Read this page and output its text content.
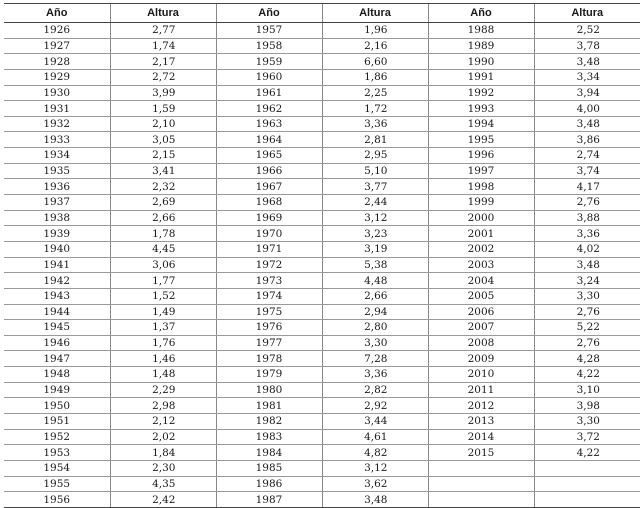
Año	Altura	Año	Altura	Año	Altura
1926	2,77	1957	1,96	1988	2,52
1927	1,74	1958	2,16	1989	3,78
1928	2,17	1959	6,60	1990	3,48
1929	2,72	1960	1,86	1991	3,34
1930	3,99	1961	2,25	1992	3,94
1931	1,59	1962	1,72	1993	4,00
1932	2,10	1963	3,36	1994	3,48
1933	3,05	1964	2,81	1995	3,86
1934	2,15	1965	2,95	1996	2,74
1935	3,41	1966	5,10	1997	3,74
1936	2,32	1967	3,77	1998	4,17
1937	2,69	1968	2,44	1999	2,76
1938	2,66	1969	3,12	2000	3,88
1939	1,78	1970	3,23	2001	3,36
1940	4,45	1971	3,19	2002	4,02
1941	3,06	1972	5,38	2003	3,48
1942	1,77	1973	4,48	2004	3,24
1943	1,52	1974	2,66	2005	3,30
1944	1,49	1975	2,94	2006	2,76
1945	1,37	1976	2,80	2007	5,22
1946	1,76	1977	3,30	2008	2,76
1947	1,46	1978	7,28	2009	4,28
1948	1,48	1979	3,36	2010	4,22
1949	2,29	1980	2,82	2011	3,10
1950	2,98	1981	2,92	2012	3,98
1951	2,12	1982	3,44	2013	3,30
1952	2,02	1983	4,61	2014	3,72
1953	1,84	1984	4,82	2015	4,22
1954	2,30	1985	3,12		
1955	4,35	1986	3,62		
1956	2,42	1987	3,48		
